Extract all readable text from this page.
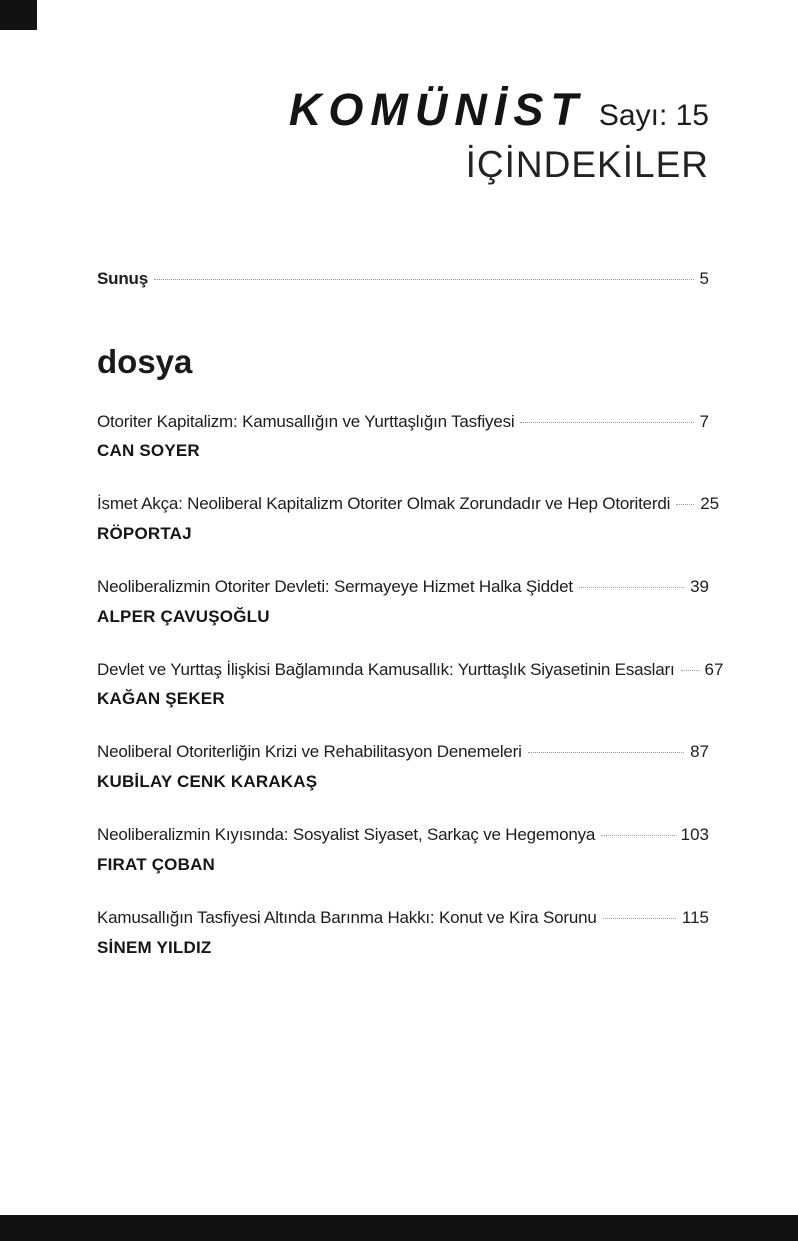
KOMÜNİST Sayı: 15
İÇİNDEKİLER
Sunuş	5
dosya
Otoriter Kapitalizm: Kamusallığın ve Yurttaşlığın Tasfiyesi	7
CAN SOYER
İsmet Akça: Neoliberal Kapitalizm Otoriter Olmak Zorundadır ve Hep Otoriterdi 25
RÖPORTAJ
Neoliberalizmin Otoriter Devleti: Sermayeye Hizmet Halka Şiddet	39
ALPER ÇAVUŞOĞLU
Devlet ve Yurttaş İlişkisi Bağlamında Kamusallık: Yurttaşlık Siyasetinin Esasları 67
KAĞAN ŞEKER
Neoliberal Otoriterliğin Krizi ve Rehabilitasyon Denemeleri	87
KUBİLAY CENK KARAKAŞ
Neoliberalizmin Kıyısında: Sosyalist Siyaset, Sarkaç ve Hegemonya	103
FIRAT ÇOBAN
Kamusallığın Tasfiyesi Altında Barınma Hakkı: Konut ve Kira Sorunu	115
SİNEM YILDIZ
